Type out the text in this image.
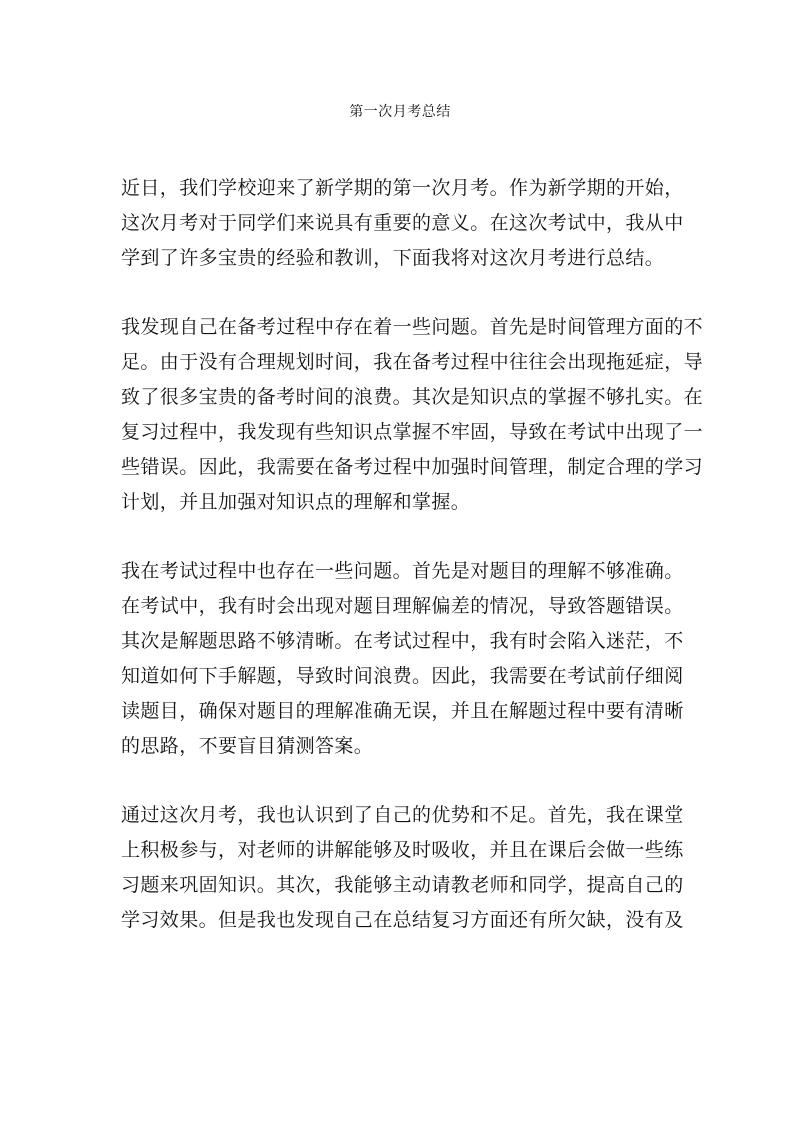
第一次月考总结
近日，我们学校迎来了新学期的第一次月考。作为新学期的开始，
这次月考对于同学们来说具有重要的意义。在这次考试中，我从中
学到了许多宝贵的经验和教训，下面我将对这次月考进行总结。
我发现自己在备考过程中存在着一些问题。首先是时间管理方面的不
足。由于没有合理规划时间，我在备考过程中往往会出现拖延症，导
致了很多宝贵的备考时间的浪费。其次是知识点的掌握不够扎实。在
复习过程中，我发现有些知识点掌握不牢固，导致在考试中出现了一
些错误。因此，我需要在备考过程中加强时间管理，制定合理的学习
计划，并且加强对知识点的理解和掌握。
我在考试过程中也存在一些问题。首先是对题目的理解不够准确。
在考试中，我有时会出现对题目理解偏差的情况，导致答题错误。
其次是解题思路不够清晰。在考试过程中，我有时会陷入迷茫，不
知道如何下手解题，导致时间浪费。因此，我需要在考试前仔细阅
读题目，确保对题目的理解准确无误，并且在解题过程中要有清晰
的思路，不要盲目猜测答案。
通过这次月考，我也认识到了自己的优势和不足。首先，我在课堂
上积极参与，对老师的讲解能够及时吸收，并且在课后会做一些练
习题来巩固知识。其次，我能够主动请教老师和同学，提高自己的
学习效果。但是我也发现自己在总结复习方面还有所欠缺，没有及
